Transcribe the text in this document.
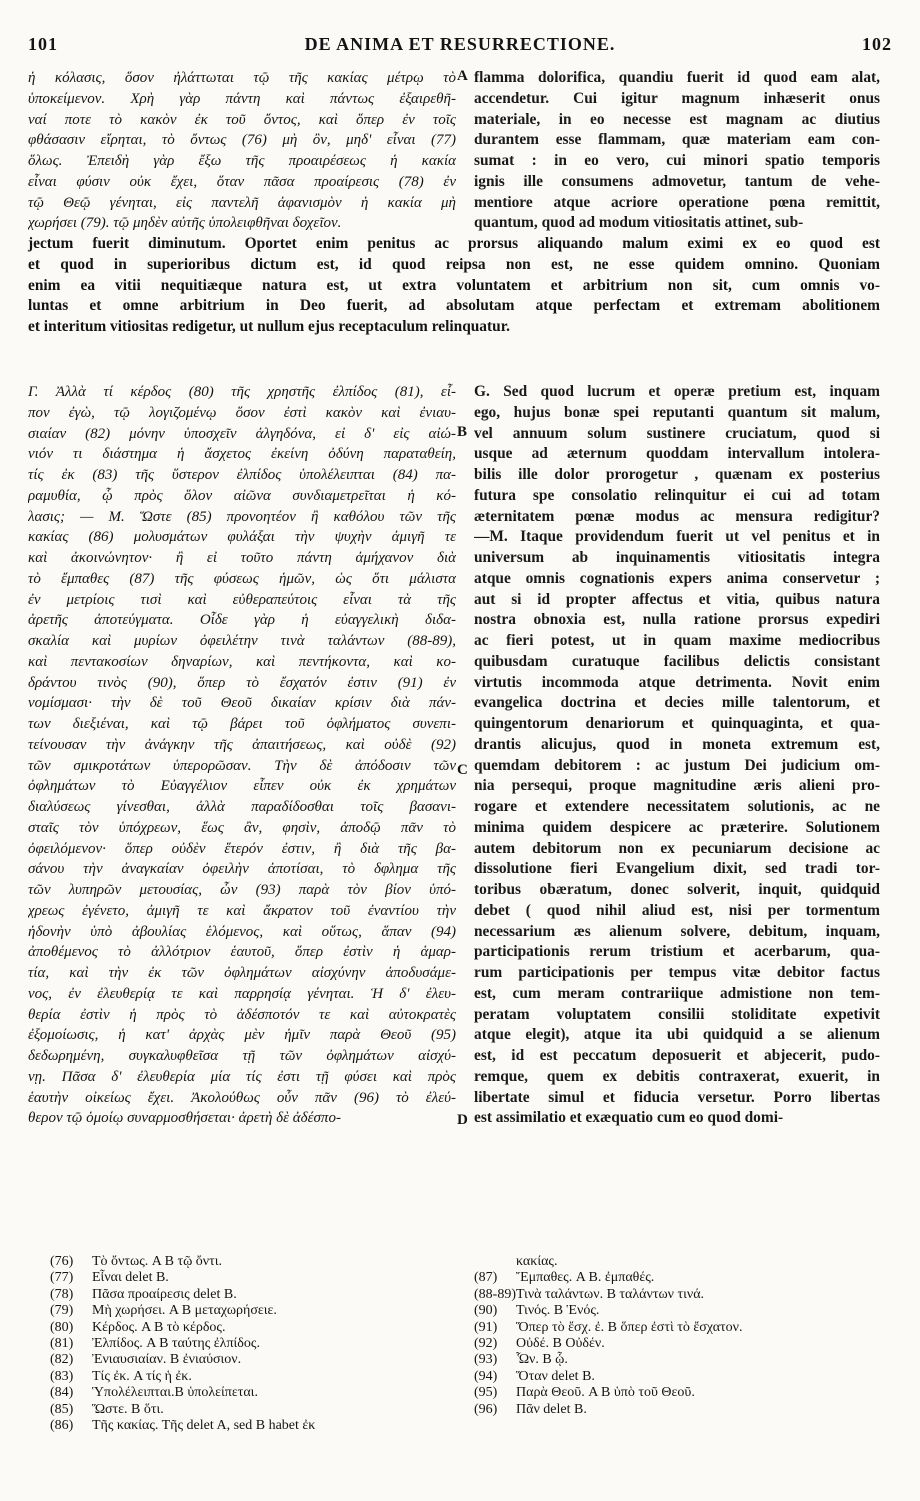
101	DE ANIMA ET RESURRECTIONE.	102
ἡ κόλασις, ὅσον ἠλάττωται τῷ τῆς κακίας μέτρῳ τὸ
ὑποκείμενον. Χρὴ γὰρ πάντη καὶ πάντως ἐξαιρεθῆ-
ναί ποτε τὸ κακὸν ἐκ τοῦ ὄντος, καὶ ὅπερ ἐν τοῖς
φθάσασιν εἴρηται, τὸ ὄντως (76) μὴ ὂν, μηδ' εἶναι (77)
ὅλως. Ἐπειδὴ γὰρ ἔξω τῆς προαιρέσεως ἡ κακία
εἶναι φύσιν οὐκ ἔχει, ὅταν πᾶσα προαίρεσις (78) ἐν
τῷ Θεῷ γένηται, εἰς παντελῆ ἀφανισμὸν ἡ κακία μὴ
χωρήσει (79). τῷ μηδὲν αὐτῆς ὑπολειφθῆναι δοχεῖον.
flamma dolorifica, quandiu fuerit id quod eam alat,
accendetur. Cui igitur magnum inhæserit onus
materiale, in eo necesse est magnam ac diutius
durantem esse flammam, quæ materiam eam con-
sumat : in eo vero, cui minori spatio temporis
ignis ille consumens admovetur, tantum de vehe-
mentiore atque acriore operatione pœna remittit,
quantum, quod ad modum vitiositatis attinet, sub-
jectum fuerit diminutum. Oportet enim penitus ac prorsus aliquando malum eximi ex eo quod est
et quod in superioribus dictum est, id quod reipsa non est, ne esse quidem omnino. Quoniam
enim ea vitii nequitiæque natura est, ut extra voluntatem et arbitrium non sit, cum omnis vo-
luntas et omne arbitrium in Deo fuerit, ad absolutam atque perfectam et extremam abolitionem
et interitum vitiositas redigetur, ut nullum ejus receptaculum relinquatur.
Γ. Ἀλλὰ τί κέρδος (80) τῆς χρηστῆς ἐλπίδος (81), εἶ-
πον ἐγὼ, τῷ λογιζομένῳ ὅσον ἐστὶ κακὸν καὶ ἐνιαυ-
σιαίαν (82) μόνην ὑποσχεῖν ἀλγηδόνα, εἰ δ' εἰς αἰώ-
νιόν τι διάστημα ἡ ἄσχετος ἐκείνη ὀδύνη παραταθείη,
τίς ἐκ (83) τῆς ὕστερον ἐλπίδος ὑπολέλειπται (84) πα-
ραμυθία, ᾧ πρὸς ὅλον αἰῶνα συνδιαμετρεῖται ἡ κό-
λασις; — Μ. Ὥστε (85) προνοητέον ἢ καθόλου τῶν τῆς
κακίας (86) μολυσμάτων φυλάξαι τὴν ψυχὴν ἀμιγῆ τε
καὶ ἀκοινώνητον· ἢ εἰ τοῦτο πάντη ἀμήχανον διὰ
τὸ ἔμπαθες (87) τῆς φύσεως ἡμῶν, ὡς ὅτι μάλιστα
ἐν μετρίοις τισὶ καὶ εὐθεραπεύτοις εἶναι τὰ τῆς
ἀρετῆς ἀποτεύγματα. Οἶδε γὰρ ἡ εὐαγγελικὴ διδα-
σκαλία καὶ μυρίων ὀφειλέτην τινὰ ταλάντων (88-89),
καὶ πεντακοσίων δηναρίων, καὶ πεντήκοντα, καὶ κο-
δράντου τινὸς (90), ὅπερ τὸ ἔσχατόν ἐστιν (91) ἐν
νομίσμασι· τὴν δὲ τοῦ Θεοῦ δικαίαν κρίσιν διὰ πάν-
των διεξιέναι, καὶ τῷ βάρει τοῦ ὀφλήματος συνεπι-
τείνουσαν τὴν ἀνάγκην τῆς ἀπαιτήσεως, καὶ οὐδὲ (92)
τῶν σμικροτάτων ὑπερορῶσαν. Τὴν δὲ ἀπόδοσιν τῶν
ὀφλημάτων τὸ Εὐαγγέλιον εἶπεν οὐκ ἐκ χρημάτων
διαλύσεως γίνεσθαι, ἀλλὰ παραδίδοσθαι τοῖς βασανι-
σταῖς τὸν ὑπόχρεων, ἕως ἂν, φησὶν, ἀποδῷ πᾶν τὸ
ὀφειλόμενον· ὅπερ οὐδὲν ἕτερόν ἐστιν, ἢ διὰ τῆς βα-
σάνου τὴν ἀναγκαίαν ὀφειλὴν ἀποτίσαι, τὸ δφλημα τῆς
τῶν λυπηρῶν μετουσίας, ὧν (93) παρὰ τὸν βίον ὑπό-
χρεως ἐγένετο, ἀμιγῆ τε καὶ ἄκρατον τοῦ ἐναντίου τὴν
ἡδονὴν ὑπὸ ἀβουλίας ἑλόμενος, καὶ οὕτως, ἅπαν (94)
ἀποθέμενος τὸ ἀλλότριον ἑαυτοῦ, ὅπερ ἐστὶν ἡ ἁμαρ-
τία, καὶ τὴν ἐκ τῶν ὀφλημάτων αἰσχύνην ἀποδυσάμε-
νος, ἐν ἐλευθερίᾳ τε καὶ παρρησίᾳ γένηται. Ἡ δ' ἐλευ-
θερία ἐστὶν ἡ πρὸς τὸ ἀδέσποτόν τε καὶ αὐτοκρατὲς
ἐξομοίωσις, ἡ κατ' ἀρχὰς μὲν ἡμῖν παρὰ Θεοῦ (95)
δεδωρημένη, συγκαλυφθεῖσα τῇ τῶν ὀφλημάτων αἰσχύ-
νῃ. Πᾶσα δ' ἐλευθερία μία τίς ἐστι τῇ φύσει καὶ πρὸς
ἑαυτὴν οἰκείως ἔχει. Ἀκολούθως οὖν πᾶν (96) τὸ ἐλεύ-
θερον τῷ ὁμοίῳ συναρμοσθήσεται· ἀρετὴ δὲ ἀδέσπο-
G. Sed quod lucrum et operæ pretium est, inquam
ego, hujus bonæ spei reputanti quantum sit malum,
vel annuum solum sustinere cruciatum, quod si
usque ad æternum quoddam intervallum intolera-
bilis ille dolor prorogetur , quænam ex posterius
futura spe consolatio relinquitur ei cui ad totam
æternitatem pœnæ modus ac mensura redigitur?
—M. Itaque providendum fuerit ut vel penitus et in
universum ab inquinamentis vitiositatis integra
atque omnis cognationis expers anima conservetur ;
aut si id propter affectus et vitia, quibus natura
nostra obnoxia est, nulla ratione prorsus expediri
ac fieri potest, ut in quam maxime mediocribus
quibusdam curatuque facilibus delictis consistant
virtutis incommoda atque detrimenta. Novit enim
evangelica doctrina et decies mille talentorum, et
quingentorum denariorum et quinquaginta, et qua-
drantis alicujus, quod in moneta extremum est,
quemdam debitorem : ac justum Dei judicium om-
nia persequi, proque magnitudine æris alieni pro-
rogare et extendere necessitatem solutionis, ac ne
minima quidem despicere ac præterire. Solutionem
autem debitorum non ex pecuniarum decisione ac
dissolutione fieri Evangelium dixit, sed tradi tor-
toribus obæratum, donec solverit, inquit, quidquid
debet ( quod nihil aliud est, nisi per tormentum
necessarium æs alienum solvere, debitum, inquam,
participationis rerum tristium et acerbarum, qua-
rum participationis per tempus vitæ debitor factus
est, cum meram contrariique admistione non tem-
peratam voluptatem consilii stoliditate expetivit
atque elegit), atque ita ubi quidquid a se alienum
est, id est peccatum deposuerit et abjecerit, pudo-
remque, quem ex debitis contraxerat, exuerit, in
libertate simul et fiducia versetur. Porro libertas
est assimilatio et exæquatio cum eo quod domi-
A
B
C
D
(76) Τὸ ὄντως. A B τῷ ὄντι.
(77) Εἶναι delet B.
(78) Πᾶσα προαίρεσις delet B.
(79) Μὴ χωρήσει. A B μεταχωρήσειε.
(80) Κέρδος. A B τὸ κέρδος.
(81) Ἐλπίδος. A B ταύτης ἐλπίδος.
(82) Ἐνιαυσιαίαν. B ἐνιαύσιον.
(83) Τίς ἐκ. A τίς ἡ ἐκ.
(84) Ὑπολέλειπται.B ὑπολείπεται.
(85) Ὥστε. B ὅτι.
(86) Τῆς κακίας. Τῆς delet A, sed B habet ἐκ
κακίας.
(87) Ἔμπαθες. A B. ἐμπαθές.
(88-89)Τινὰ ταλάντων. B ταλάντων τινά.
(90) Τινός. B Ἑνός.
(91) Ὅπερ τὸ ἔσχ. ἐ. B ὅπερ ἐστὶ τὸ ἔσχατον.
(92) Οὐδέ. B Οὐδέν.
(93) Ὧν. B ᾧ.
(94) Ὅταν delet B.
(95) Παρὰ Θεοῦ. A B ὑπὸ τοῦ Θεοῦ.
(96) Πᾶν delet B.
